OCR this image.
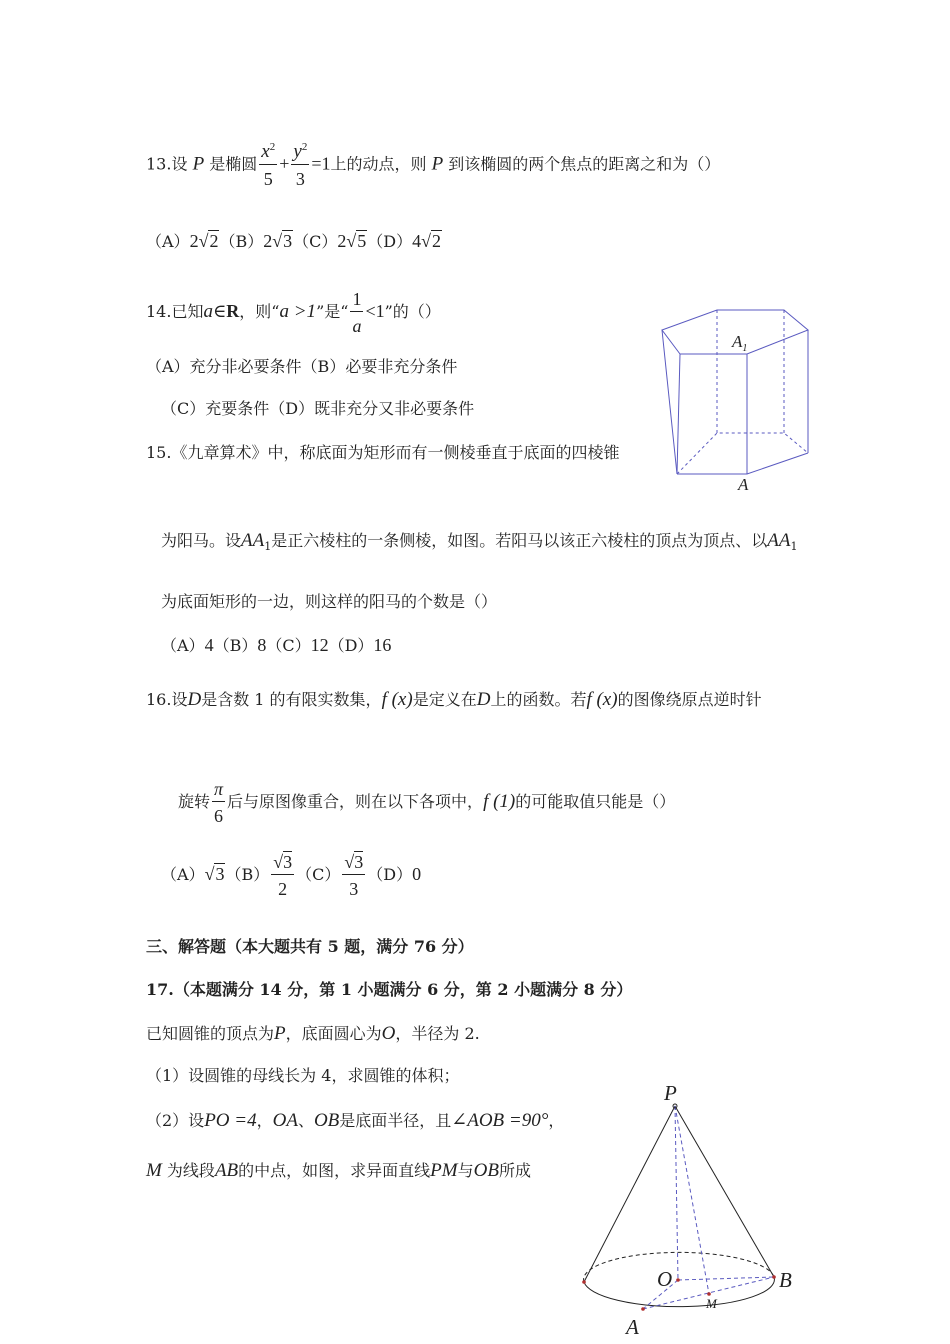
13.设 P 是椭圆 $\frac{x^2}{5} + \frac{y^2}{3} =1$上的动点，则 P 到该椭圆的两个焦点的距离之和为（）
（A）2√2（B）2√3（C）2√5（D）4√2
14.已知a∈R，则“a >1”是“ $\frac{1}{a} <1$”的（）
（A）充分非必要条件（B）必要非充分条件
（C）充要条件（D）既非充分又非必要条件
15.《九章算术》中，称底面为矩形而有一侧棱垂直于底面的四棱锥
为阳马。设$AA_1$是正六棱柱的一条侧棱，如图。若阳马以该正六棱柱的顶点为顶点、以$AA_1$
为底面矩形的一边，则这样的阳马的个数是（）
（A）4（B）8（C）12（D）16
$A_1$
A
16.设D是含数 1 的有限实数集，f (x)是定义在D上的函数。若f (x)的图像绕原点逆时针
旋转 $\frac{\pi}{6}$ 后与原图像重合，则在以下各项中，f (1)的可能取值只能是（）
$(A)√3(B) \frac{√3}{2} (C) \frac{√3}{3} (D)0$
三、解答题（本大题共有 5 题，满分 76 分）
17.（本题满分 14 分，第 1 小题满分 6 分，第 2 小题满分 8 分）
已知圆锥的顶点为P，底面圆心为O，半径为 2.
（1）设圆锥的母线长为 4，求圆锥的体积；
（2）设PO =4，OA、OB是底面半径，且∠AOB =90°，
M 为线段AB的中点，如图，求异面直线PM与OB所成
P
O	B
M
A
